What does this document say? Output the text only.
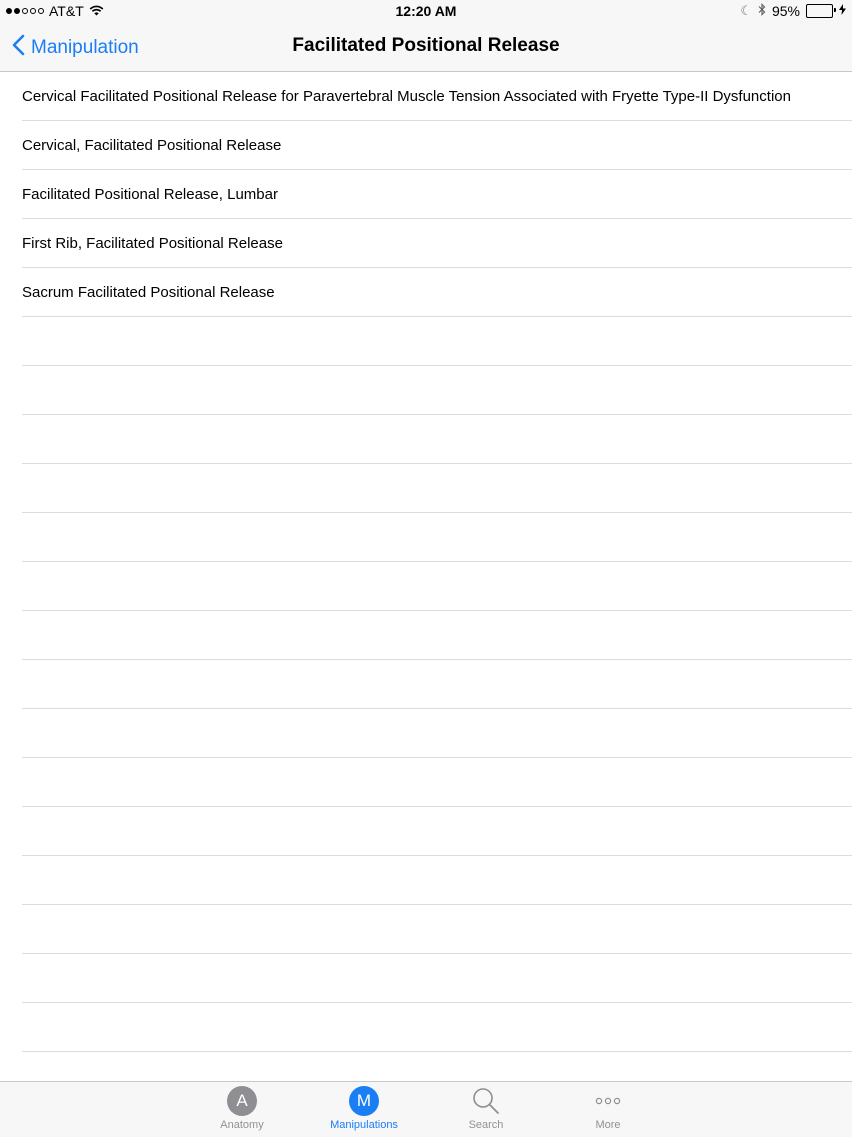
AT&T	12:20 AM	☾ 95%
Manipulation	Facilitated Positional Release
Cervical Facilitated Positional Release for Paravertebral Muscle Tension Associated with Fryette Type-II Dysfunction
Cervical, Facilitated Positional Release
Facilitated Positional Release, Lumbar
First Rib, Facilitated Positional Release
Sacrum Facilitated Positional Release
A
Anatomy
M
Manipulations	Search	More
